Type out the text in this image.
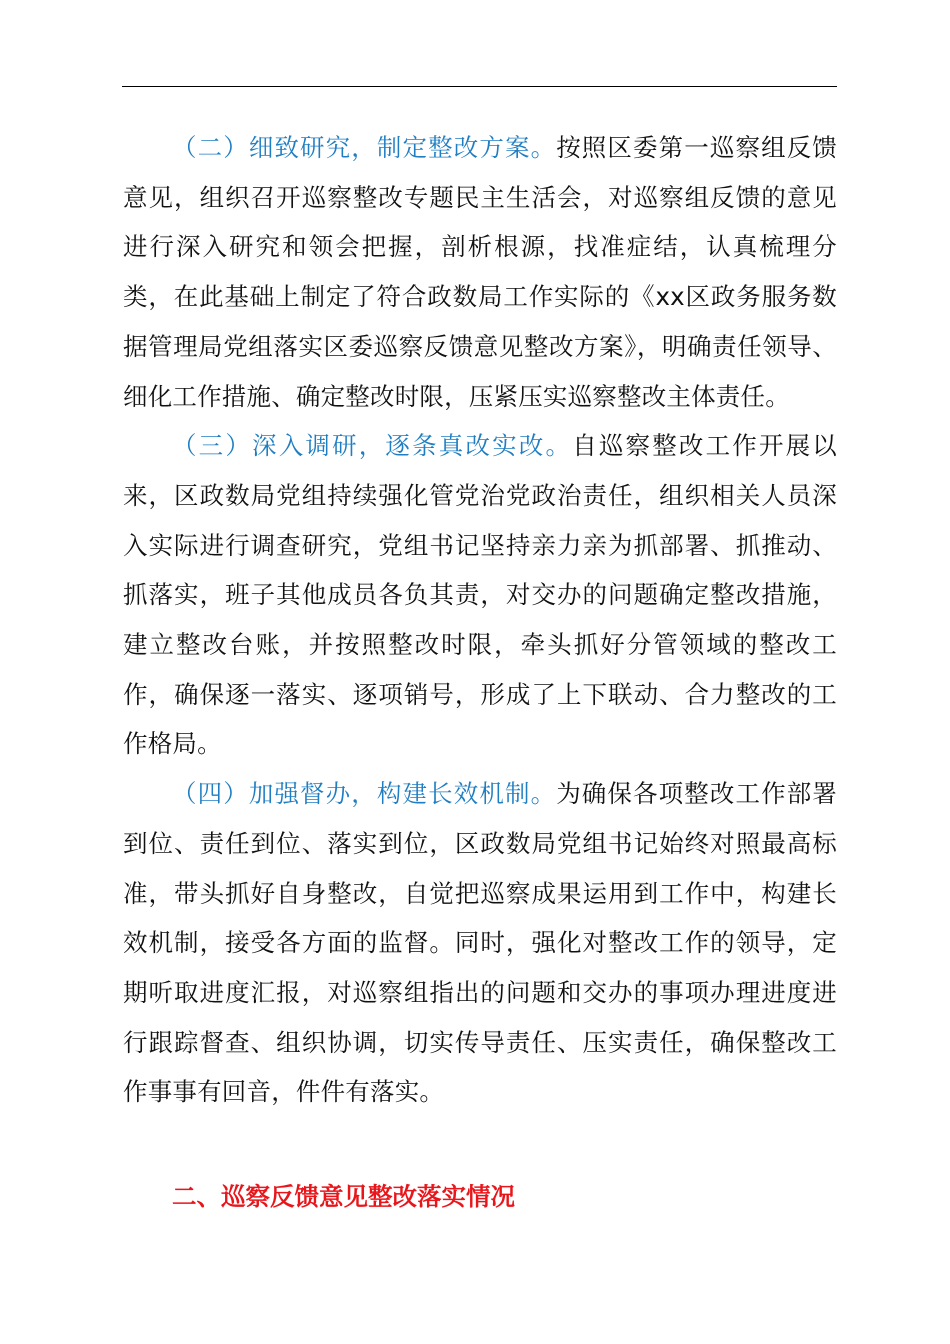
（二）细致研究，制定整改方案。按照区委第一巡察组反馈意见，组织召开巡察整改专题民主生活会，对巡察组反馈的意见进行深入研究和领会把握，剖析根源，找准症结，认真梳理分类，在此基础上制定了符合政数局工作实际的《xx区政务服务数据管理局党组落实区委巡察反馈意见整改方案》，明确责任领导、细化工作措施、确定整改时限，压紧压实巡察整改主体责任。

（三）深入调研，逐条真改实改。自巡察整改工作开展以来，区政数局党组持续强化管党治党政治责任，组织相关人员深入实际进行调查研究，党组书记坚持亲力亲为抓部署、抓推动、抓落实，班子其他成员各负其责，对交办的问题确定整改措施，建立整改台账，并按照整改时限，牵头抓好分管领域的整改工作，确保逐一落实、逐项销号，形成了上下联动、合力整改的工作格局。

（四）加强督办，构建长效机制。为确保各项整改工作部署到位、责任到位、落实到位，区政数局党组书记始终对照最高标准，带头抓好自身整改，自觉把巡察成果运用到工作中，构建长效机制，接受各方面的监督。同时，强化对整改工作的领导，定期听取进度汇报，对巡察组指出的问题和交办的事项办理进度进行跟踪督查、组织协调，切实传导责任、压实责任，确保整改工作事事有回音，件件有落实。

二、巡察反馈意见整改落实情况
